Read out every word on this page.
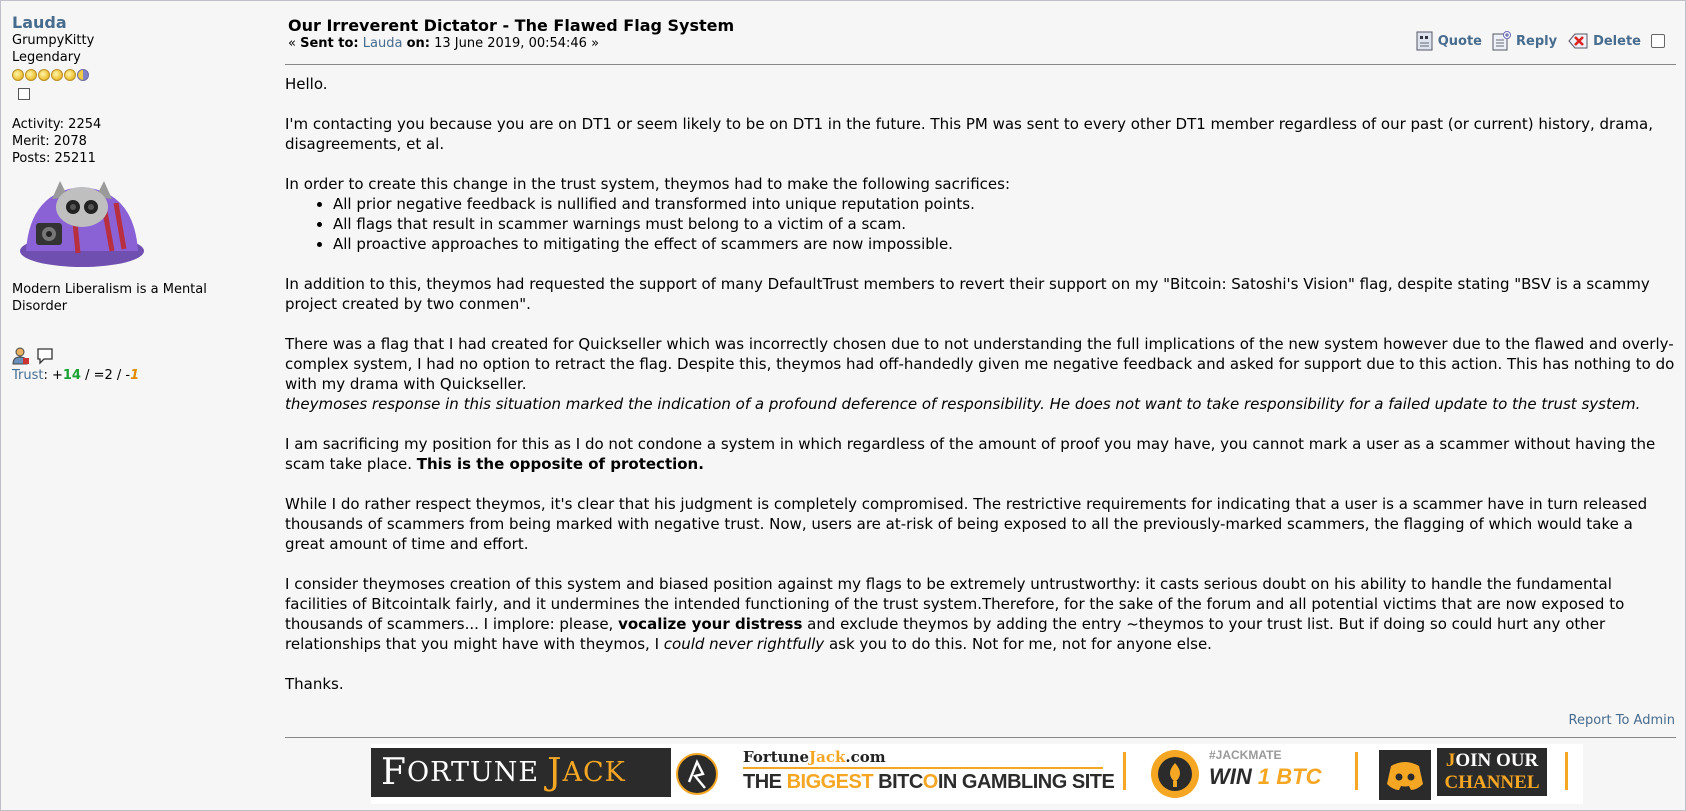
Lauda
GrumpyKitty
Legendary
Activity: 2254
Merit: 2078
Posts: 25211
Modern Liberalism is a Mental Disorder
Trust: +14 / =2 / -1
Our Irreverent Dictator - The Flawed Flag System
« Sent to: Lauda on: 13 June 2019, 00:54:46 »	Quote	Reply	Delete

Hello.

I'm contacting you because you are on DT1 or seem likely to be on DT1 in the future. This PM was sent to every other DT1 member regardless of our past (or current) history, drama, disagreements, et al.

In order to create this change in the trust system, theymos had to make the following sacrifices:

• All prior negative feedback is nullified and transformed into unique reputation points.
• All flags that result in scammer warnings must belong to a victim of a scam.
• All proactive approaches to mitigating the effect of scammers are now impossible.

In addition to this, theymos had requested the support of many DefaultTrust members to revert their support on my "Bitcoin: Satoshi's Vision" flag, despite stating "BSV is a scammy project created by two conmen".

There was a flag that I had created for Quickseller which was incorrectly chosen due to not understanding the full implications of the new system however due to the flawed and overly-complex system, I had no option to retract the flag. Despite this, theymos had off-handedly given me negative feedback and asked for support due to this action. This has nothing to do with my drama with Quickseller.
theymoses response in this situation marked the indication of a profound deference of responsibility. He does not want to take responsibility for a failed update to the trust system.

I am sacrificing my position for this as I do not condone a system in which regardless of the amount of proof you may have, you cannot mark a user as a scammer without having the scam take place. This is the opposite of protection.

While I do rather respect theymos, it's clear that his judgment is completely compromised. The restrictive requirements for indicating that a user is a scammer have in turn released thousands of scammers from being marked with negative trust. Now, users are at-risk of being exposed to all the previously-marked scammers, the flagging of which would take a great amount of time and effort.

I consider theymoses creation of this system and biased position against my flags to be extremely untrustworthy: it casts serious doubt on his ability to handle the fundamental facilities of Bitcointalk fairly, and it undermines the intended functioning of the trust system.Therefore, for the sake of the forum and all potential victims that are now exposed to thousands of scammers... I implore: please, vocalize your distress and exclude theymos by adding the entry ~theymos to your trust list. But if doing so could hurt any other relationships that you might have with theymos, I could never rightfully ask you to do this. Not for me, not for anyone else.

Thanks.

Report To Admin
F ORTUNE J ACK	FortuneJack.com
THE BIGGEST BITCOIN GAMBLING SITE
#JACKMATE
WIN 1 BTC
JOIN OUR
CHANNEL
